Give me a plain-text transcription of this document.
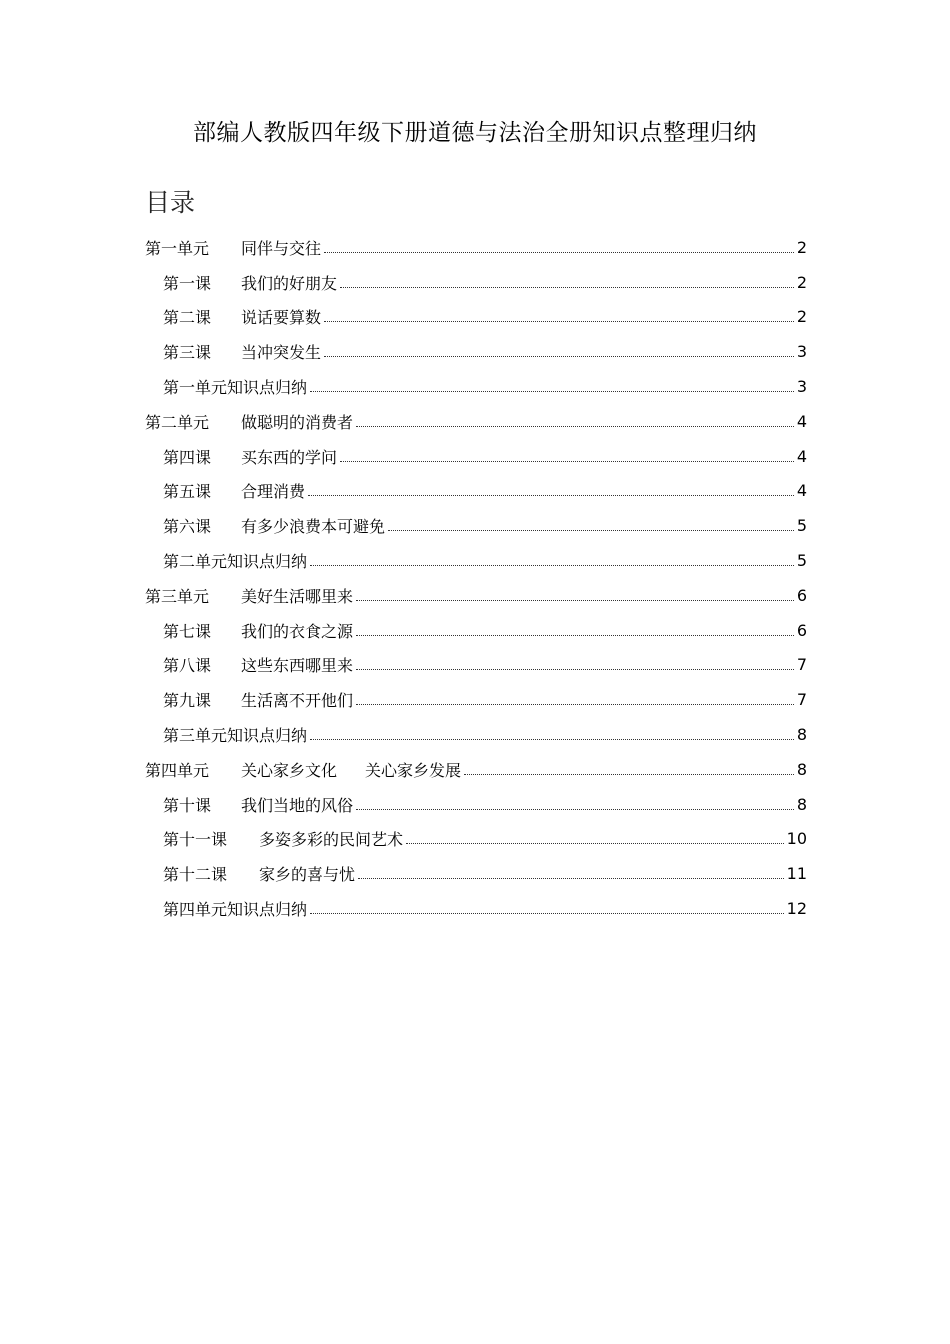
部编人教版四年级下册道德与法治全册知识点整理归纳
目录
第一单元	同伴与交往	2
第一课	我们的好朋友	2
第二课	说话要算数	2
第三课	当冲突发生	3
第一单元知识点归纳	3
第二单元	做聪明的消费者	4
第四课	买东西的学问	4
第五课	合理消费	4
第六课	有多少浪费本可避免	5
第二单元知识点归纳	5
第三单元	美好生活哪里来	6
第七课	我们的衣食之源	6
第八课	这些东西哪里来	7
第九课	生活离不开他们	7
第三单元知识点归纳	8
第四单元	关心家乡文化 关心家乡发展	8
第十课	我们当地的风俗	8
第十一课	多姿多彩的民间艺术	10
第十二课	家乡的喜与忧	11
第四单元知识点归纳	12
